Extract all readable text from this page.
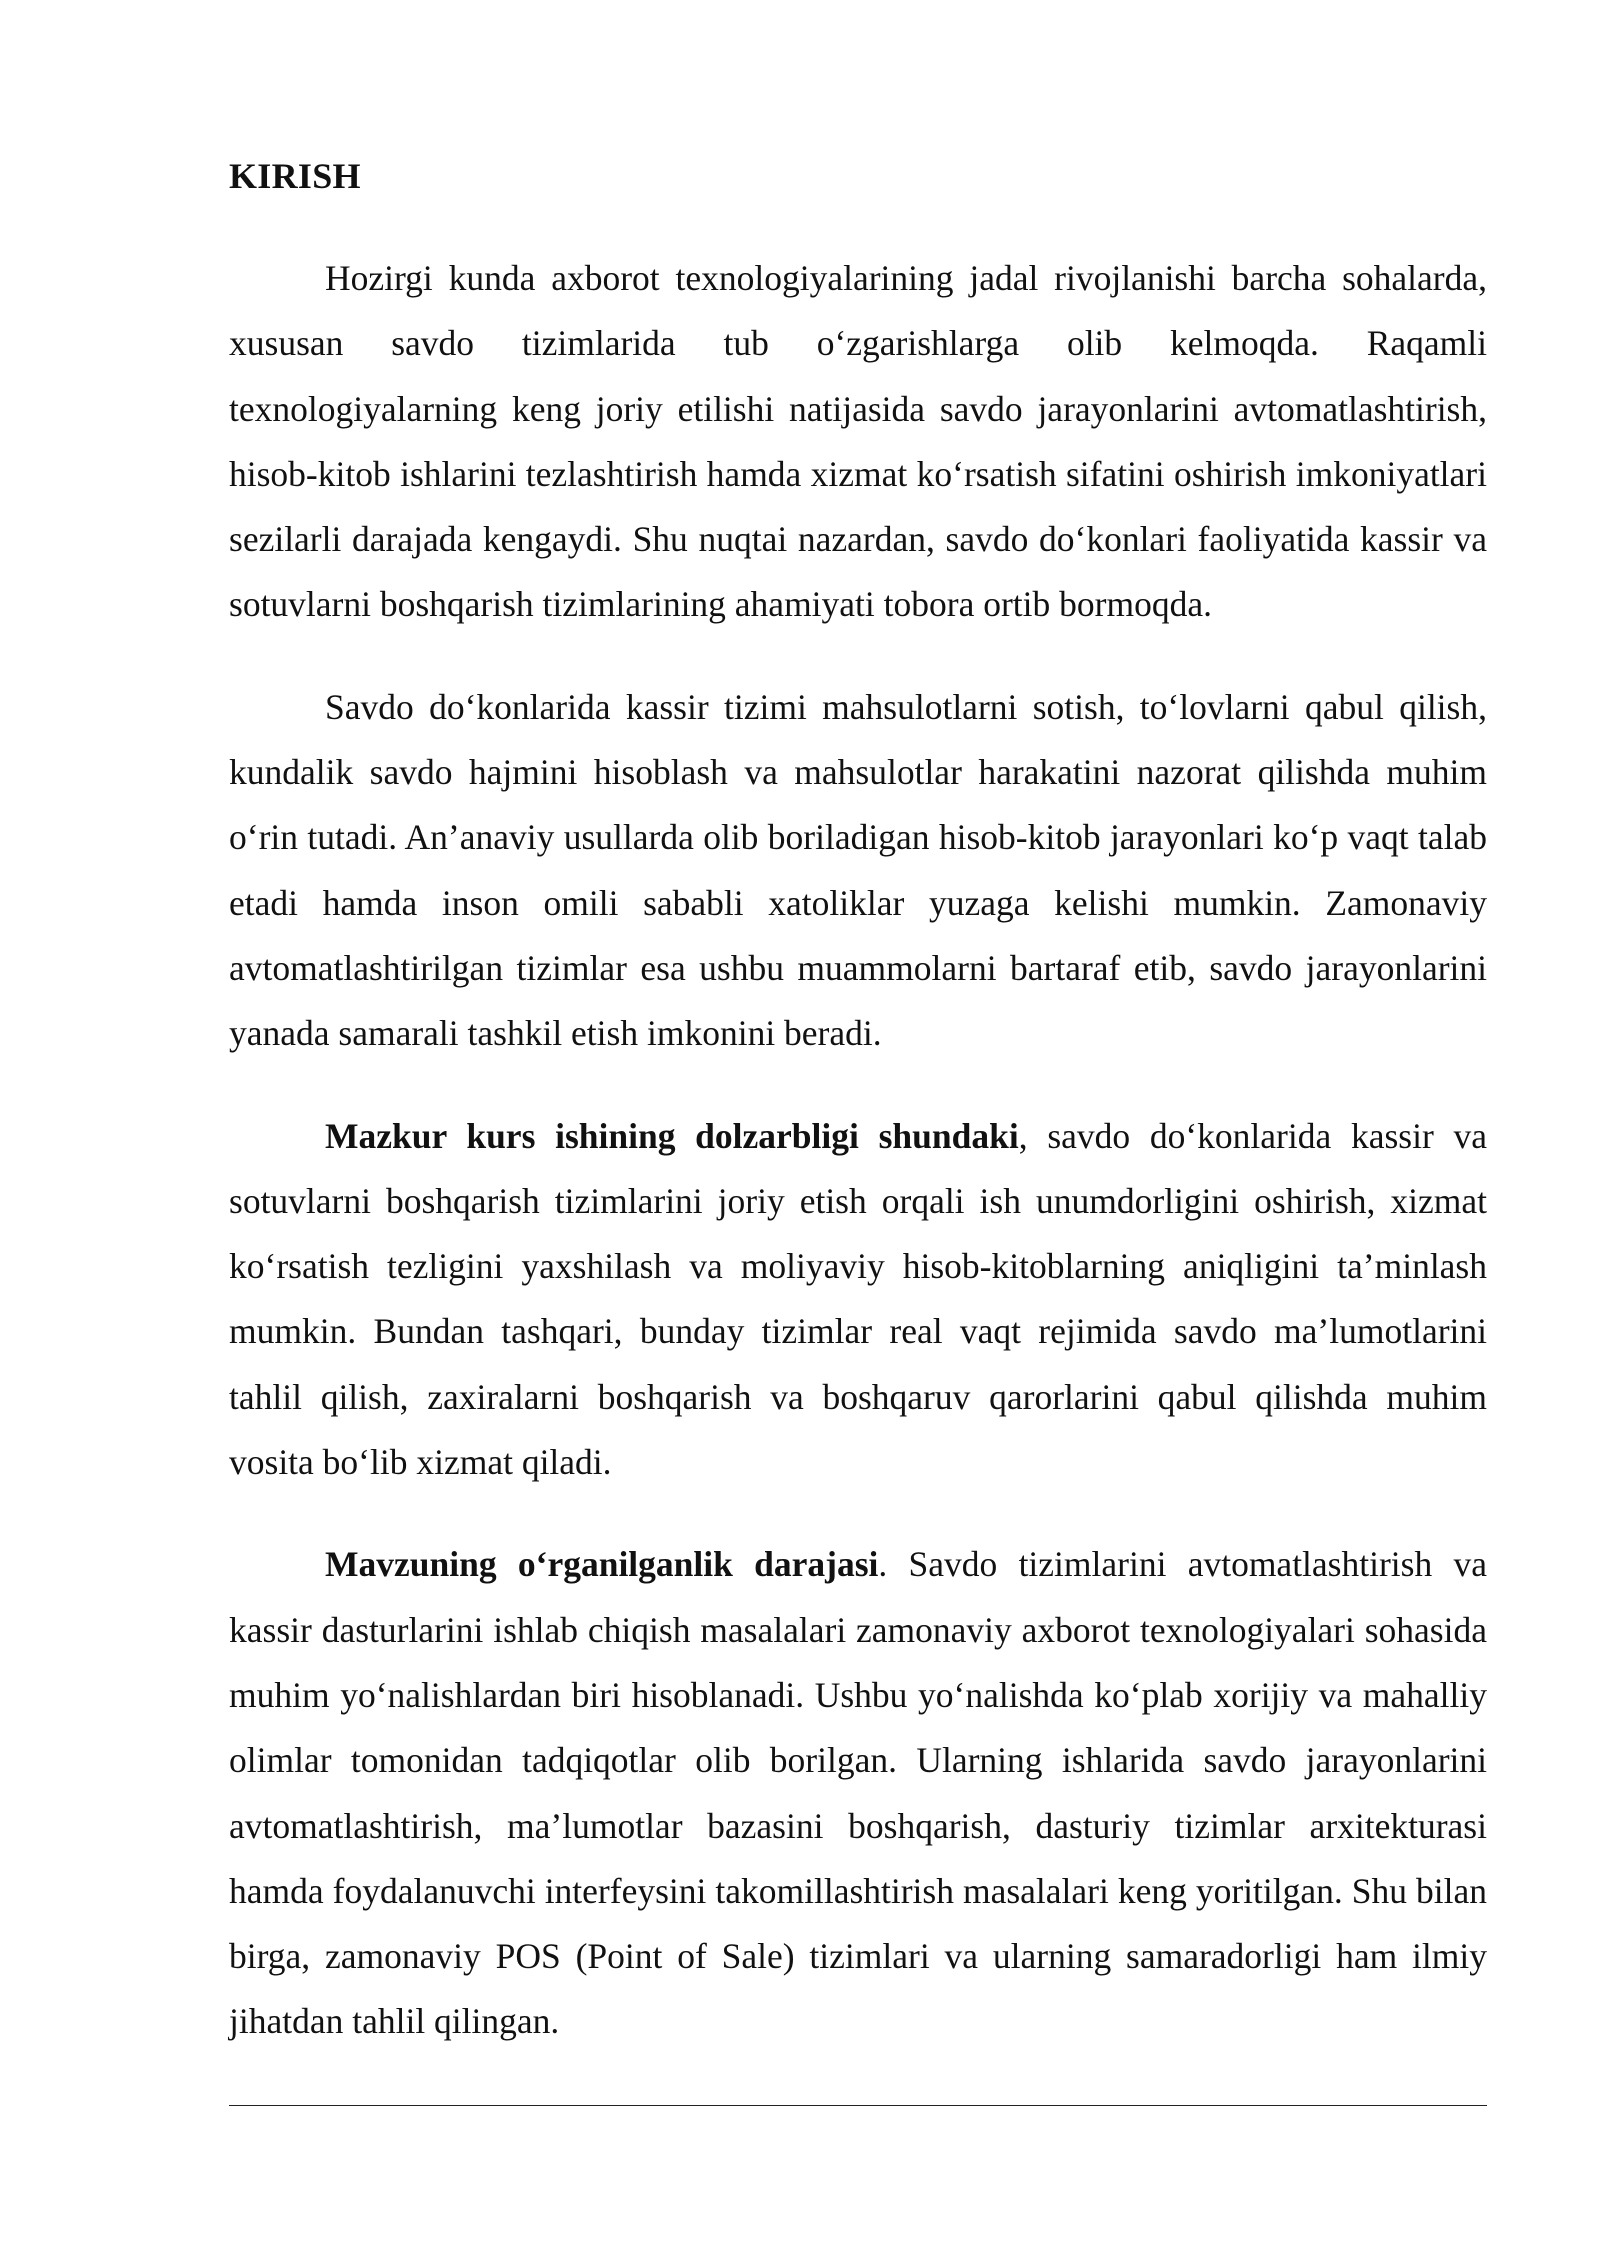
KIRISH

Hozirgi kunda axborot texnologiyalarining jadal rivojlanishi barcha sohalarda, xususan savdo tizimlarida tub o‘zgarishlarga olib kelmoqda. Raqamli texnologiyalarning keng joriy etilishi natijasida savdo jarayonlarini avtomatlashtirish, hisob-kitob ishlarini tezlashtirish hamda xizmat ko‘rsatish sifatini oshirish imkoniyatlari sezilarli darajada kengaydi. Shu nuqtai nazardan, savdo do‘konlari faoliyatida kassir va sotuvlarni boshqarish tizimlarining ahamiyati tobora ortib bormoqda.

Savdo do‘konlarida kassir tizimi mahsulotlarni sotish, to‘lovlarni qabul qilish, kundalik savdo hajmini hisoblash va mahsulotlar harakatini nazorat qilishda muhim o‘rin tutadi. An’anaviy usullarda olib boriladigan hisob-kitob jarayonlari ko‘p vaqt talab etadi hamda inson omili sababli xatoliklar yuzaga kelishi mumkin. Zamonaviy avtomatlashtirilgan tizimlar esa ushbu muammolarni bartaraf etib, savdo jarayonlarini yanada samarali tashkil etish imkonini beradi.

Mazkur kurs ishining dolzarbligi shundaki, savdo do‘konlarida kassir va sotuvlarni boshqarish tizimlarini joriy etish orqali ish unumdorligini oshirish, xizmat ko‘rsatish tezligini yaxshilash va moliyaviy hisob-kitoblarning aniqligini ta’minlash mumkin. Bundan tashqari, bunday tizimlar real vaqt rejimida savdo ma’lumotlarini tahlil qilish, zaxiralarni boshqarish va boshqaruv qarorlarini qabul qilishda muhim vosita bo‘lib xizmat qiladi.

Mavzuning o‘rganilganlik darajasi. Savdo tizimlarini avtomatlashtirish va kassir dasturlarini ishlab chiqish masalalari zamonaviy axborot texnologiyalari sohasida muhim yo‘nalishlardan biri hisoblanadi. Ushbu yo‘nalishda ko‘plab xorijiy va mahalliy olimlar tomonidan tadqiqotlar olib borilgan. Ularning ishlarida savdo jarayonlarini avtomatlashtirish, ma’lumotlar bazasini boshqarish, dasturiy tizimlar arxitekturasi hamda foydalanuvchi interfeysini takomillashtirish masalalari keng yoritilgan. Shu bilan birga, zamonaviy POS (Point of Sale) tizimlari va ularning samaradorligi ham ilmiy jihatdan tahlil qilingan.
